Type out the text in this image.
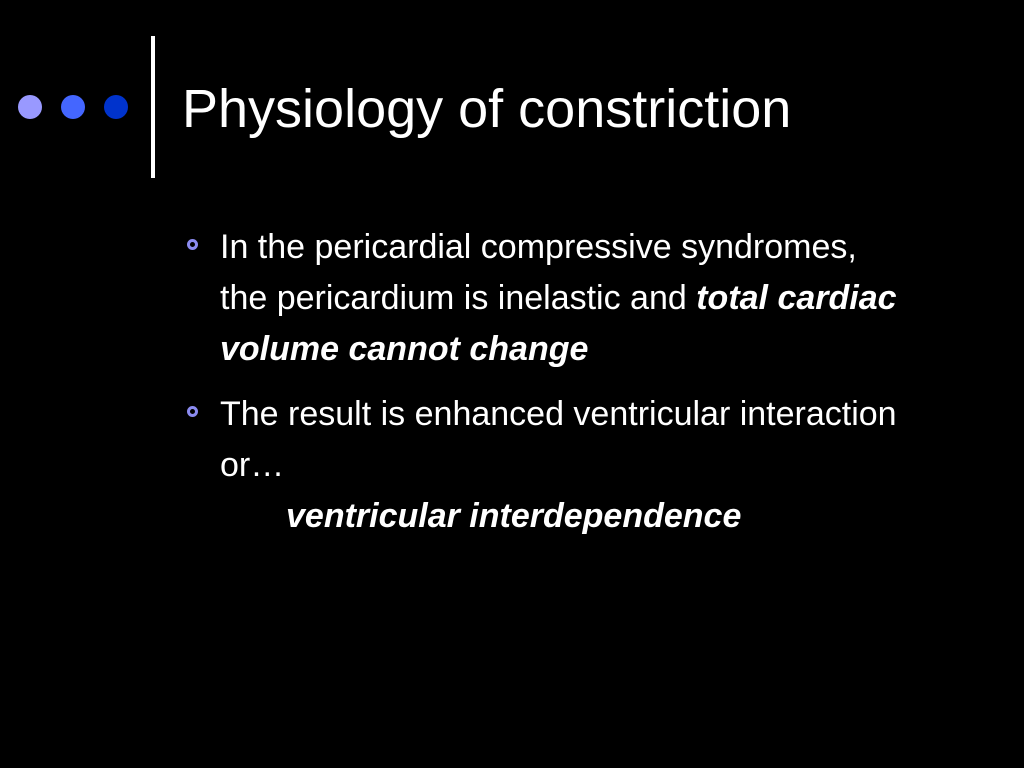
Physiology of constriction
In the pericardial compressive syndromes, the pericardium is inelastic and total cardiac volume cannot change
The result is enhanced ventricular interaction or…
ventricular interdependence
